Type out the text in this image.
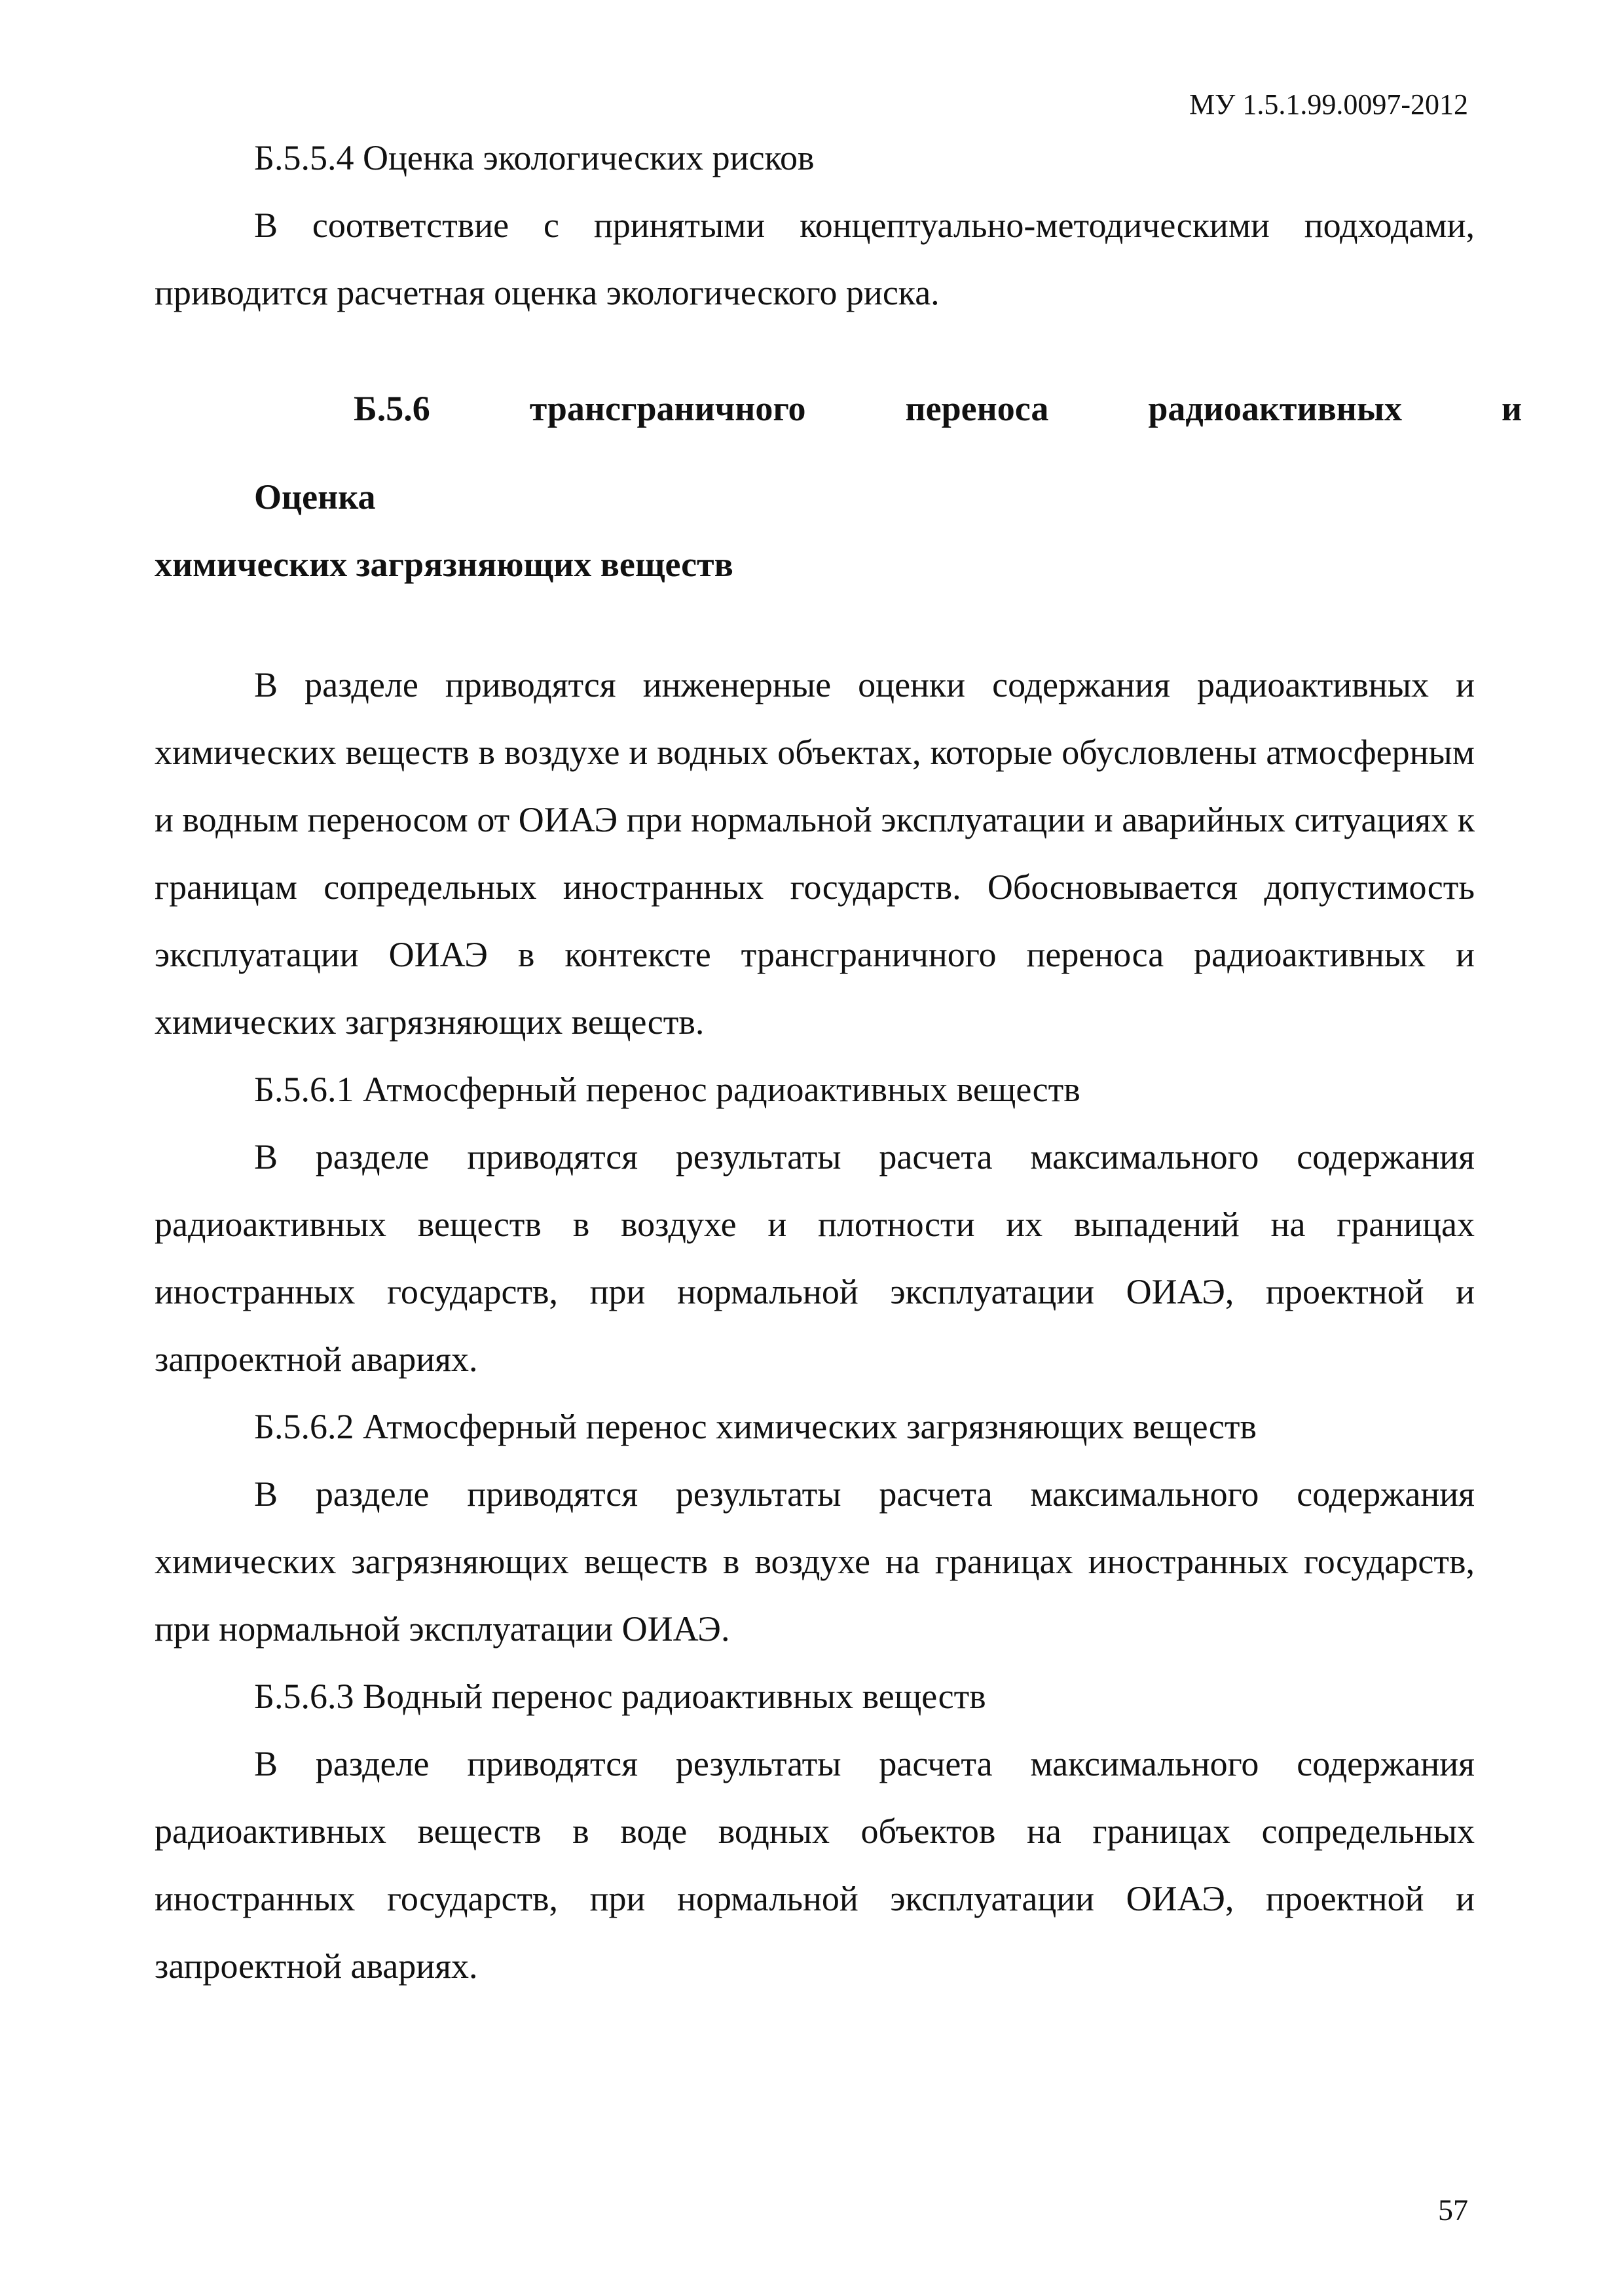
МУ 1.5.1.99.0097-2012

Б.5.5.4 Оценка экологических рисков

В соответствие с принятыми концептуально-методическими подходами, приводится расчетная оценка экологического риска.

Б.5.6 Оценка
трансграничного	переноса	радиоактивных	и
химических загрязняющих веществ

В разделе приводятся инженерные оценки содержания радиоактивных и химических веществ в воздухе и водных объектах, которые обусловлены атмосферным и водным переносом от ОИАЭ при нормальной эксплуатации и аварийных ситуациях к границам сопредельных иностранных государств. Обосновывается допустимость эксплуатации ОИАЭ в контексте трансграничного переноса радиоактивных и химических загрязняющих веществ.

Б.5.6.1 Атмосферный перенос радиоактивных веществ

В разделе приводятся результаты расчета максимального содержания радиоактивных веществ в воздухе и плотности их выпадений на границах иностранных государств, при нормальной эксплуатации ОИАЭ, проектной и запроектной авариях.

Б.5.6.2 Атмосферный перенос химических загрязняющих веществ

В разделе приводятся результаты расчета максимального содержания химических загрязняющих веществ в воздухе на границах иностранных государств, при нормальной эксплуатации ОИАЭ.

Б.5.6.3 Водный перенос радиоактивных веществ

В разделе приводятся результаты расчета максимального содержания радиоактивных веществ в воде водных объектов на границах сопредельных иностранных государств, при нормальной эксплуатации ОИАЭ, проектной и запроектной авариях.

57
